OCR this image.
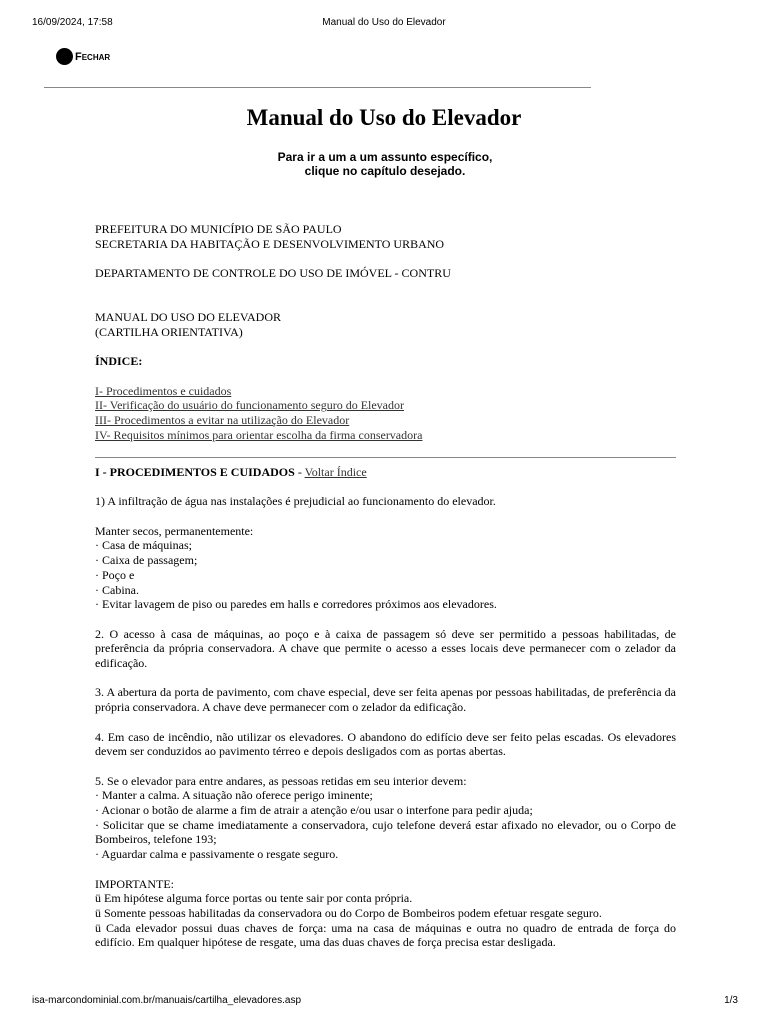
16/09/2024, 17:58	Manual do Uso do Elevador
Fechar
Manual do Uso do Elevador
Para ir a um a um assunto específico,
clique no capítulo desejado.
PREFEITURA DO MUNICÍPIO DE SÃO PAULO
SECRETARIA DA HABITAÇÃO E DESENVOLVIMENTO URBANO
DEPARTAMENTO DE CONTROLE DO USO DE IMÓVEL - CONTRU
MANUAL DO USO DO ELEVADOR
(CARTILHA ORIENTATIVA)
ÍNDICE:
I- Procedimentos e cuidados
II- Verificação do usuário do funcionamento seguro do Elevador
III- Procedimentos a evitar na utilização do Elevador
IV- Requisitos mínimos para orientar escolha da firma conservadora
I - PROCEDIMENTOS E CUIDADOS - Voltar Índice
1) A infiltração de água nas instalações é prejudicial ao funcionamento do elevador.
Manter secos, permanentemente:
· Casa de máquinas;
· Caixa de passagem;
· Poço e
· Cabina.
· Evitar lavagem de piso ou paredes em halls e corredores próximos aos elevadores.
2. O acesso à casa de máquinas, ao poço e à caixa de passagem só deve ser permitido a pessoas habilitadas, de preferência da própria conservadora. A chave que permite o acesso a esses locais deve permanecer com o zelador da edificação.
3. A abertura da porta de pavimento, com chave especial, deve ser feita apenas por pessoas habilitadas, de preferência da própria conservadora. A chave deve permanecer com o zelador da edificação.
4. Em caso de incêndio, não utilizar os elevadores. O abandono do edifício deve ser feito pelas escadas. Os elevadores devem ser conduzidos ao pavimento térreo e depois desligados com as portas abertas.
5. Se o elevador para entre andares, as pessoas retidas em seu interior devem:
· Manter a calma. A situação não oferece perigo iminente;
· Acionar o botão de alarme a fim de atrair a atenção e/ou usar o interfone para pedir ajuda;
· Solicitar que se chame imediatamente a conservadora, cujo telefone deverá estar afixado no elevador, ou o Corpo de Bombeiros, telefone 193;
· Aguardar calma e passivamente o resgate seguro.
IMPORTANTE:
ü Em hipótese alguma force portas ou tente sair por conta própria.
ü Somente pessoas habilitadas da conservadora ou do Corpo de Bombeiros podem efetuar resgate seguro.
ü Cada elevador possui duas chaves de força: uma na casa de máquinas e outra no quadro de entrada de força do edifício. Em qualquer hipótese de resgate, uma das duas chaves de força precisa estar desligada.
isa-marcondominial.com.br/manuais/cartilha_elevadores.asp	1/3
